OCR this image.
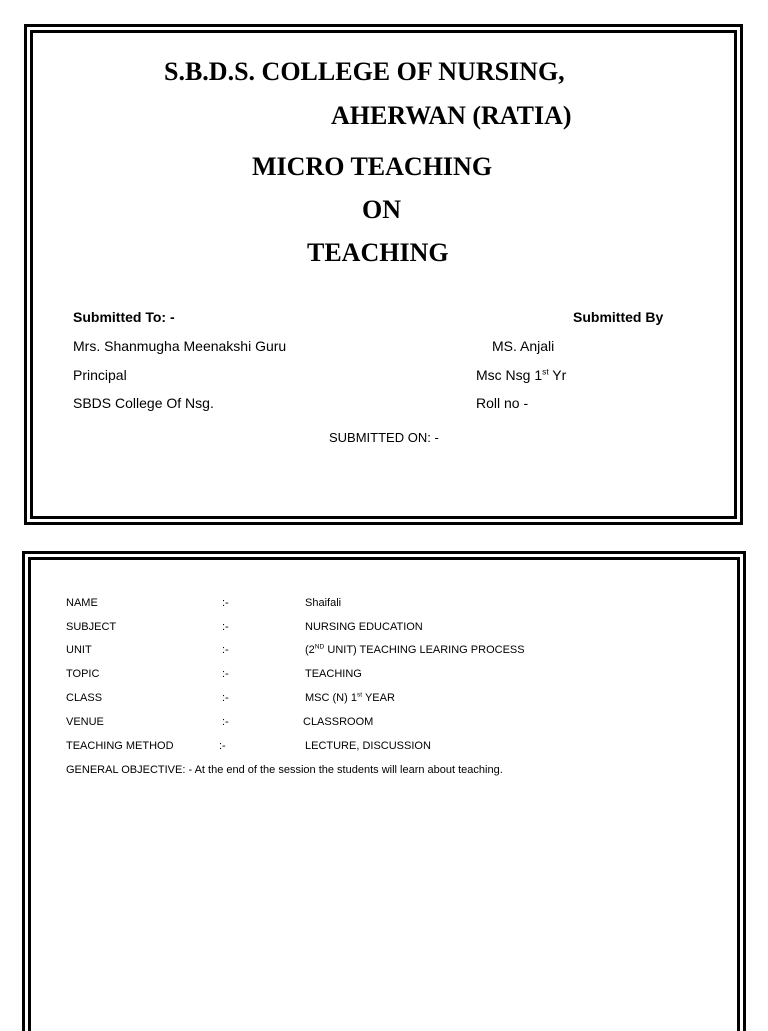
S.B.D.S. COLLEGE OF NURSING,
AHERWAN (RATIA)
MICRO TEACHING
ON
TEACHING
Submitted To: -
Mrs. Shanmugha Meenakshi Guru
Principal
SBDS College Of Nsg.
Submitted By
MS. Anjali
Msc Nsg 1st Yr
Roll no -
SUBMITTED ON: -
NAME	:-	Shaifali
SUBJECT	:-	NURSING EDUCATION
UNIT	:-	(2ND UNIT) TEACHING LEARING PROCESS
TOPIC	:-	TEACHING
CLASS	:-	MSC (N) 1st YEAR
VENUE	:-	CLASSROOM
TEACHING METHOD	:-	LECTURE, DISCUSSION
GENERAL OBJECTIVE: - At the end of the session the students will learn about teaching.
